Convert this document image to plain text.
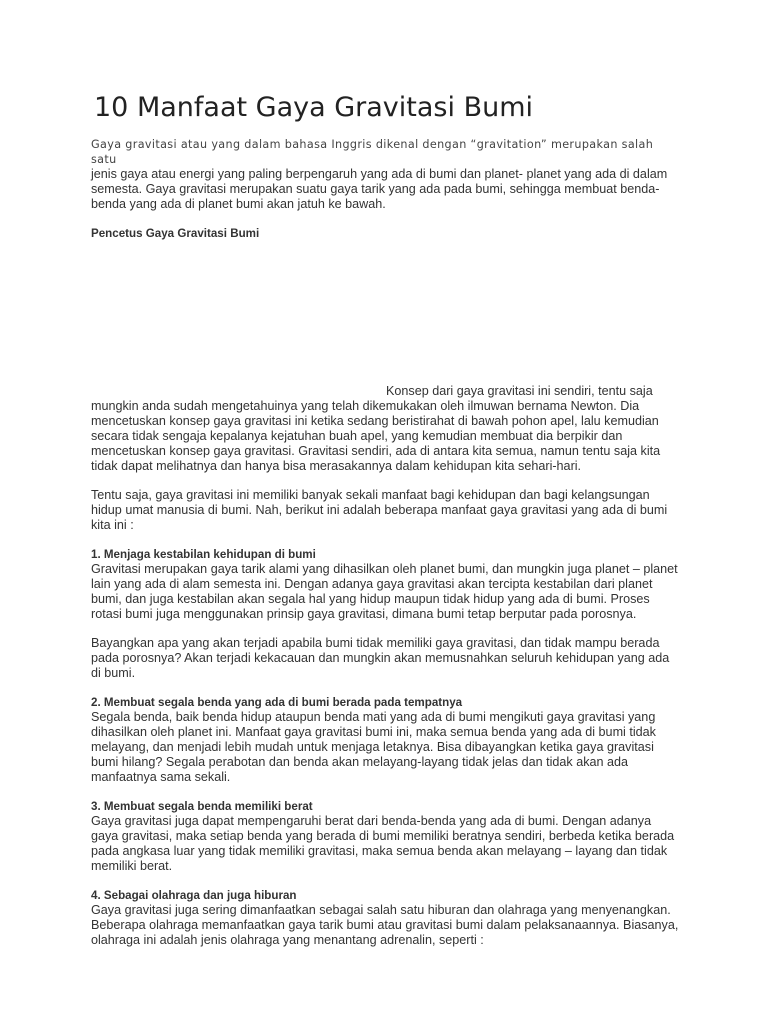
10 Manfaat Gaya Gravitasi Bumi

Gaya gravitasi atau yang dalam bahasa Inggris dikenal dengan “gravitation” merupakan salah satu

jenis gaya atau energi yang paling berpengaruh yang ada di bumi dan planet- planet yang ada di dalam semesta. Gaya gravitasi merupakan suatu gaya tarik yang ada pada bumi, sehingga membuat benda-benda yang ada di planet bumi akan jatuh ke bawah.

Pencetus Gaya Gravitasi Bumi

Konsep dari gaya gravitasi ini sendiri, tentu saja mungkin anda sudah mengetahuinya yang telah dikemukakan oleh ilmuwan bernama Newton. Dia mencetuskan konsep gaya gravitasi ini ketika sedang beristirahat di bawah pohon apel, lalu kemudian secara tidak sengaja kepalanya kejatuhan buah apel, yang kemudian membuat dia berpikir dan mencetuskan konsep gaya gravitasi. Gravitasi sendiri, ada di antara kita semua, namun tentu saja kita tidak dapat melihatnya dan hanya bisa merasakannya dalam kehidupan kita sehari-hari.

Tentu saja, gaya gravitasi ini memiliki banyak sekali manfaat bagi kehidupan dan bagi kelangsungan hidup umat manusia di bumi. Nah, berikut ini adalah beberapa manfaat gaya gravitasi yang ada di bumi kita ini :

1. Menjaga kestabilan kehidupan di bumi

Gravitasi merupakan gaya tarik alami yang dihasilkan oleh planet bumi, dan mungkin juga planet – planet lain yang ada di alam semesta ini. Dengan adanya gaya gravitasi akan tercipta kestabilan dari planet bumi, dan juga kestabilan akan segala hal yang hidup maupun tidak hidup yang ada di bumi. Proses rotasi bumi juga menggunakan prinsip gaya gravitasi, dimana bumi tetap berputar pada porosnya.

Bayangkan apa yang akan terjadi apabila bumi tidak memiliki gaya gravitasi, dan tidak mampu berada pada porosnya? Akan terjadi kekacauan dan mungkin akan memusnahkan seluruh kehidupan yang ada di bumi.

2. Membuat segala benda yang ada di bumi berada pada tempatnya

Segala benda, baik benda hidup ataupun benda mati yang ada di bumi mengikuti gaya gravitasi yang dihasilkan oleh planet ini. Manfaat gaya gravitasi bumi ini, maka semua benda yang ada di bumi tidak melayang, dan menjadi lebih mudah untuk menjaga letaknya. Bisa dibayangkan ketika gaya gravitasi bumi hilang? Segala perabotan dan benda akan melayang-layang tidak jelas dan tidak akan ada manfaatnya sama sekali.

3. Membuat segala benda memiliki berat

Gaya gravitasi juga dapat mempengaruhi berat dari benda-benda yang ada di bumi. Dengan adanya gaya gravitasi, maka setiap benda yang berada di bumi memiliki beratnya sendiri, berbeda ketika berada pada angkasa luar yang tidak memiliki gravitasi, maka semua benda akan melayang – layang dan tidak memiliki berat.

4. Sebagai olahraga dan juga hiburan

Gaya gravitasi juga sering dimanfaatkan sebagai salah satu hiburan dan olahraga yang menyenangkan. Beberapa olahraga memanfaatkan gaya tarik bumi atau gravitasi bumi dalam pelaksanaannya. Biasanya, olahraga ini adalah jenis olahraga yang menantang adrenalin, seperti :
